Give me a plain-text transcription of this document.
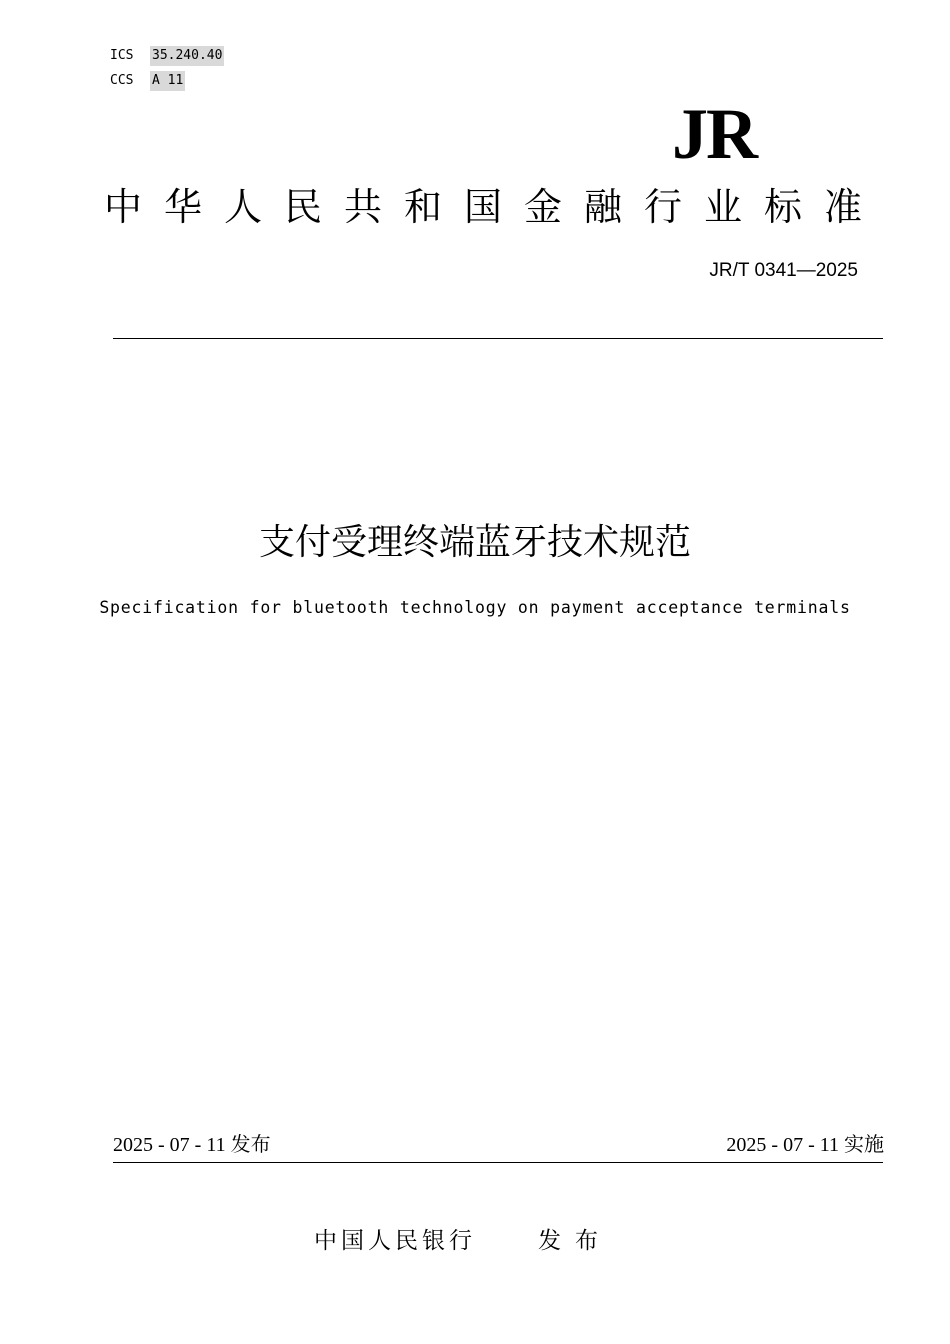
ICS 35.240.40
CCS A 11
JR
中华人民共和国金融行业标准
JR/T 0341—2025
支付受理终端蓝牙技术规范
Specification for bluetooth technology on payment acceptance terminals
2025 - 07 - 11 发布	2025 - 07 - 11 实施
中国人民银行	发布
